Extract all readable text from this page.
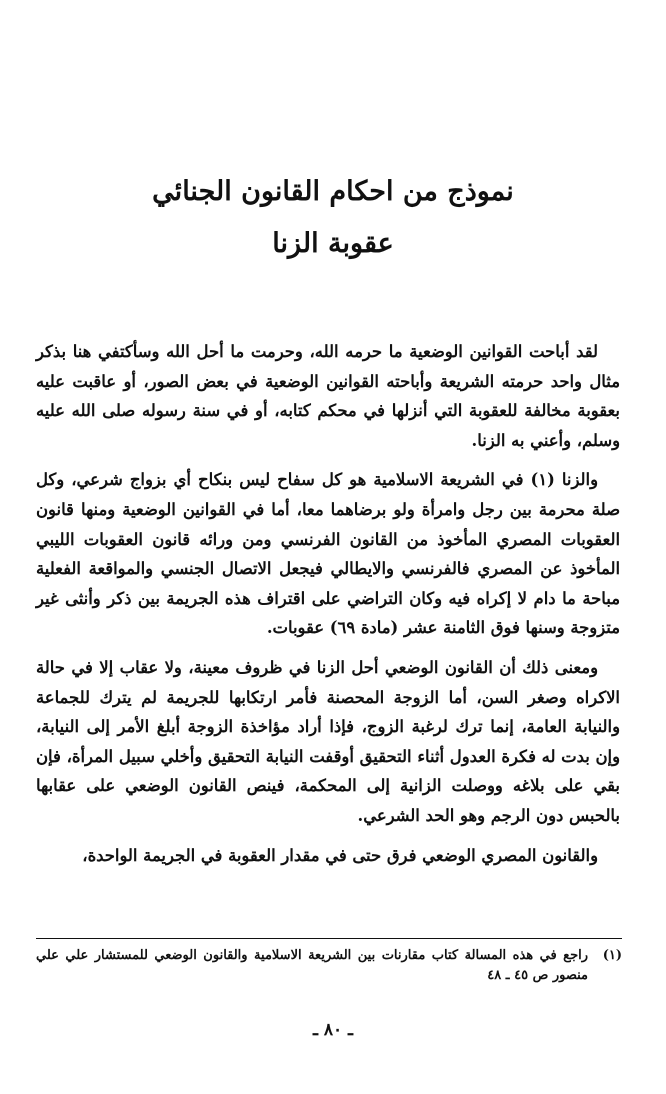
نموذج من احكام القانون الجنائي
عقوبة الزنا

لقد أباحت القوانين الوضعية ما حرمه الله، وحرمت ما أحل الله وسأكتفي هنا بذكر مثال واحد حرمته الشريعة وأباحته القوانين الوضعية في بعض الصور، أو عاقبت عليه بعقوبة مخالفة للعقوبة التي أنزلها في محكم كتابه، أو في سنة رسوله صلى الله عليه وسلم، وأعني به الزنا.

والزنا (١) في الشريعة الاسلامية هو كل سفاح ليس بنكاح أي بزواج شرعي، وكل صلة محرمة بين رجل وامرأة ولو برضاهما معا، أما في القوانين الوضعية ومنها قانون العقوبات المصري المأخوذ من القانون الفرنسي ومن ورائه قانون العقوبات الليبي المأخوذ عن المصري فالفرنسي والايطالي فيجعل الاتصال الجنسي والمواقعة الفعلية مباحة ما دام لا إكراه فيه وكان التراضي على اقتراف هذه الجريمة بين ذكر وأنثى غير متزوجة وسنها فوق الثامنة عشر (مادة ٦٩) عقوبات.

ومعنى ذلك أن القانون الوضعي أحل الزنا في ظروف معينة، ولا عقاب إلا في حالة الاكراه وصغر السن، أما الزوجة المحصنة فأمر ارتكابها للجريمة لم يترك للجماعة والنيابة العامة، إنما ترك لرغبة الزوج، فإذا أراد مؤاخذة الزوجة أبلغ الأمر إلى النيابة، وإن بدت له فكرة العدول أثناء التحقيق أوقفت النيابة التحقيق وأخلي سبيل المرأة، فإن بقي على بلاغه ووصلت الزانية إلى المحكمة، فينص القانون الوضعي على عقابها بالحبس دون الرجم وهو الحد الشرعي.

والقانون المصري الوضعي فرق حتى في مقدار العقوبة في الجريمة الواحدة،

(١)
راجع في هذه المسالة كتاب مقارنات بين الشريعة الاسلامية والقانون الوضعي للمستشار علي علي منصور ص ٤٥ ـ ٤٨
ـ ٨٠ ـ
